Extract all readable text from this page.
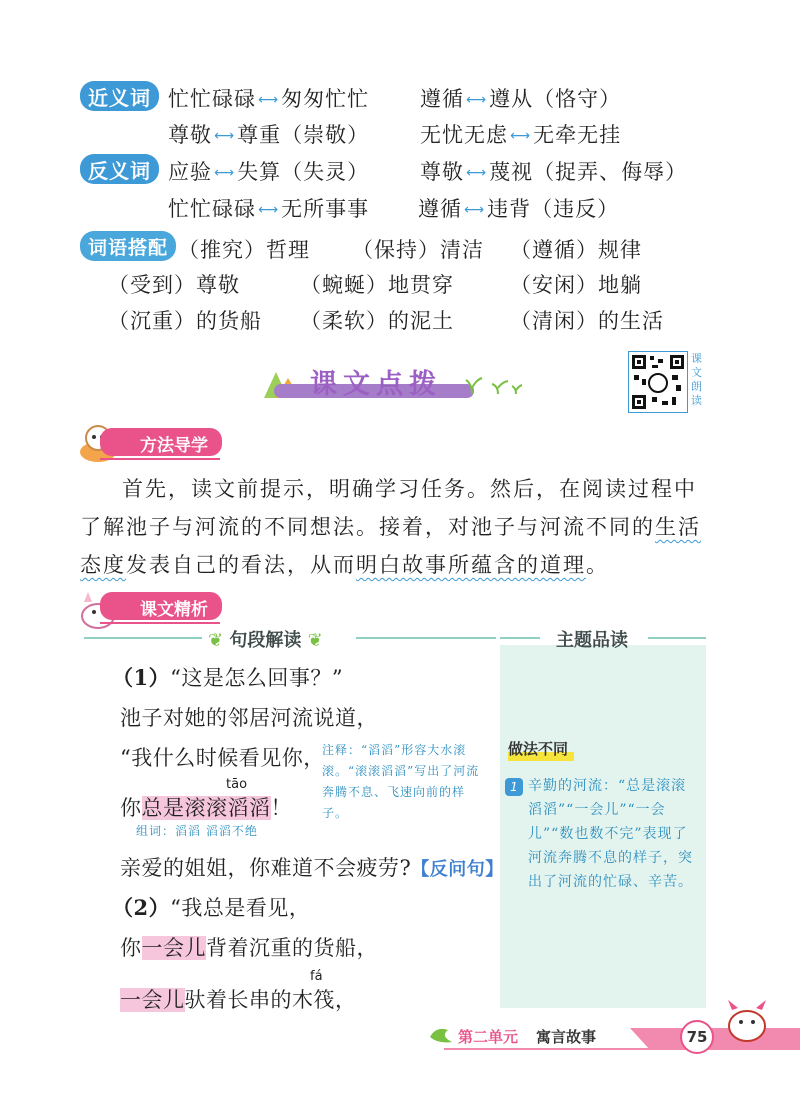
近义词 忙忙碌碌 ⟷匆匆忙忙 遵循 ⟷遵从（恪守）
尊敬 ⟷尊重（崇敬） 无忧无虑 ⟷无牵无挂
反义词 应验 ⟷失算（失灵） 尊敬 ⟷蔑视（捉弄、侮辱）
忙忙碌碌 ⟷无所事事 遵循 ⟷违背（违反）
词语搭配 （推究）哲理 （保持）清洁 （遵循）规律
（受到）尊敬	（蜿蜒）地贯穿	（安闲）地躺
（沉重）的货船 （柔软）的泥土	（清闲）的生活
课文点拨
课文朗读
方法导学
首先，读文前提示，明确学习任务。然后，在阅读过程中了解池子与河流的不同想法。接着，对池子与河流不同的生活态度发表自己的看法，从而明白故事所蕴含的道理。
课文精析
❦ 句段解读 ❦	主题品读
（1）“这是怎么回事？”
池子对她的邻居河流说道，
“我什么时候看见你，
tāo
你总是滚滚滔滔！
组词：滔滔 滔滔不绝
注释：“滔滔”形容大水滚滚。“滚滚滔滔”写出了河流奔腾不息、飞速向前的样子。
亲爱的姐姐，你难道不会疲劳?【反问句】
（2）“我总是看见，
你一会儿背着沉重的货船，
fá
一会儿驮着长串的木筏，
做法不同
1 辛勤的河流：“总是滚滚滔滔”“一会儿”“一会儿”“数也数不完”表现了河流奔腾不息的样子，突出了河流的忙碌、辛苦。
第二单元 寓言故事	75
